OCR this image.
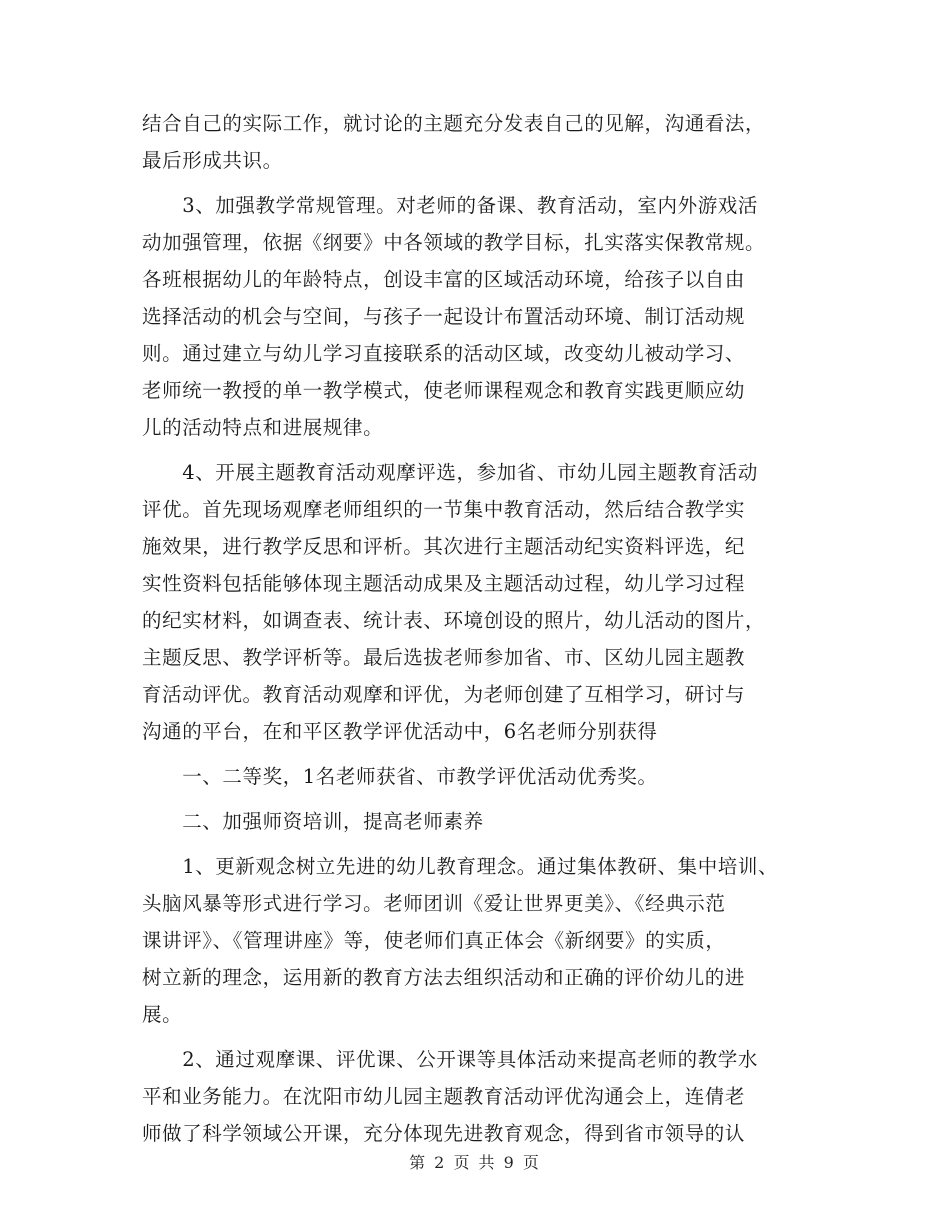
结合自己的实际工作，就讨论的主题充分发表自己的见解，沟通看法，
最后形成共识。
　　3、加强教学常规管理。对老师的备课、教育活动，室内外游戏活
动加强管理，依据《纲要》中各领域的教学目标，扎实落实保教常规。
各班根据幼儿的年龄特点，创设丰富的区域活动环境，给孩子以自由
选择活动的机会与空间，与孩子一起设计布置活动环境、制订活动规
则。通过建立与幼儿学习直接联系的活动区域，改变幼儿被动学习、
老师统一教授的单一教学模式，使老师课程观念和教育实践更顺应幼
儿的活动特点和进展规律。
　　4、开展主题教育活动观摩评选，参加省、市幼儿园主题教育活动
评优。首先现场观摩老师组织的一节集中教育活动，然后结合教学实
施效果，进行教学反思和评析。其次进行主题活动纪实资料评选，纪
实性资料包括能够体现主题活动成果及主题活动过程，幼儿学习过程
的纪实材料，如调查表、统计表、环境创设的照片，幼儿活动的图片，
主题反思、教学评析等。最后选拔老师参加省、市、区幼儿园主题教
育活动评优。教育活动观摩和评优，为老师创建了互相学习，研讨与
沟通的平台，在和平区教学评优活动中，6名老师分别获得
　　一、二等奖，1名老师获省、市教学评优活动优秀奖。
　　二、加强师资培训，提高老师素养
　　1、更新观念树立先进的幼儿教育理念。通过集体教研、集中培训、
头脑风暴等形式进行学习。老师团训《爱让世界更美》、《经典示范
课讲评》、《管理讲座》等，使老师们真正体会《新纲要》的实质，
树立新的理念，运用新的教育方法去组织活动和正确的评价幼儿的进
展。
　　2、通过观摩课、评优课、公开课等具体活动来提高老师的教学水
平和业务能力。在沈阳市幼儿园主题教育活动评优沟通会上，连倩老
师做了科学领域公开课，充分体现先进教育观念，得到省市领导的认
第 2 页 共 9 页
